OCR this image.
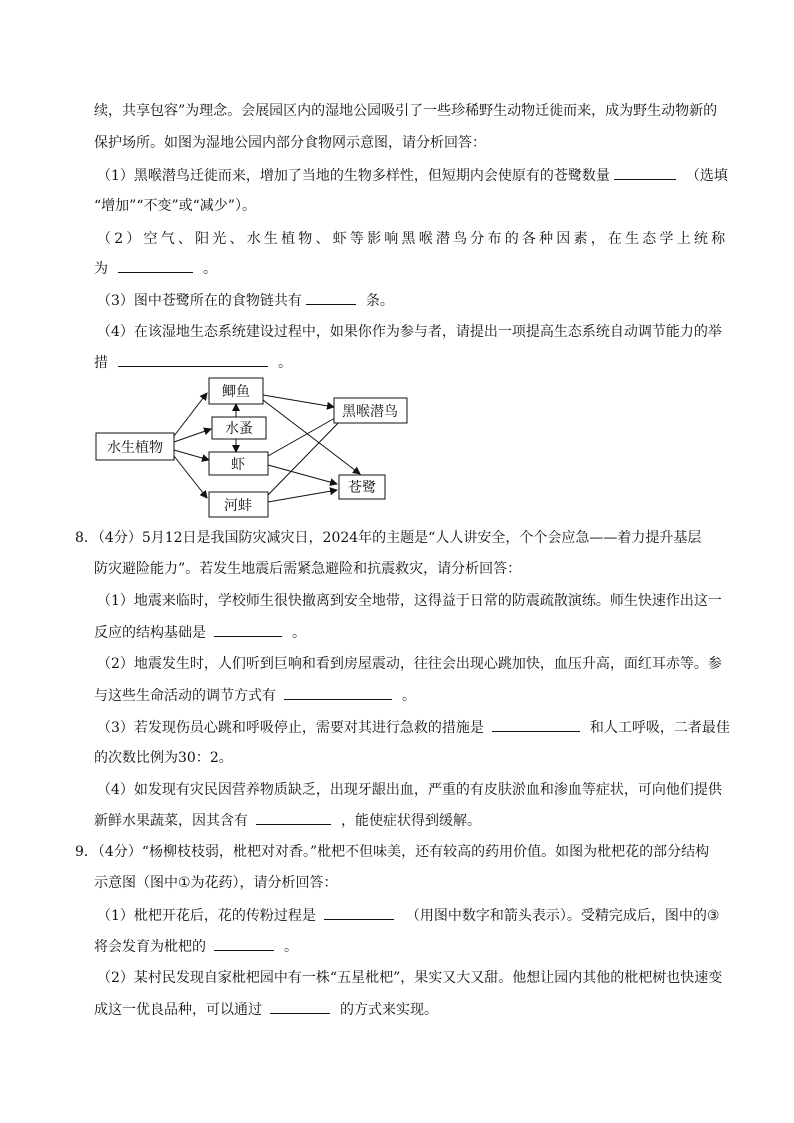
续，共享包容”为理念。会展园区内的湿地公园吸引了一些珍稀野生动物迁徙而来，成为野生动物新的
保护场所。如图为湿地公园内部分食物网示意图，请分析回答：
（1）黑喉潜鸟迁徙而来，增加了当地的生物多样性，但短期内会使原有的苍鹭数量	（选填
“增加”“不变”或“减少”）。
（2）空气、阳光、水生植物、虾等影响黑喉潜鸟分布的各种因素，在生态学上统称
为	。
（3）图中苍鹭所在的食物链共有	条。
（4）在该湿地生态系统建设过程中，如果你作为参与者，请提出一项提高生态系统自动调节能力的举
措	。
水生植物
鲫鱼
水蚤
虾
河蚌
黑喉潜鸟
苍鹭
8．（4分）5月12日是我国防灾减灾日，2024年的主题是“人人讲安全，个个会应急——着力提升基层
防灾避险能力”。若发生地震后需紧急避险和抗震救灾，请分析回答：
（1）地震来临时，学校师生很快撤离到安全地带，这得益于日常的防震疏散演练。师生快速作出这一
反应的结构基础是	。
（2）地震发生时，人们听到巨响和看到房屋震动，往往会出现心跳加快，血压升高，面红耳赤等。参
与这些生命活动的调节方式有	。
（3）若发现伤员心跳和呼吸停止，需要对其进行急救的措施是	和人工呼吸，二者最佳
的次数比例为30：2。
（4）如发现有灾民因营养物质缺乏，出现牙龈出血，严重的有皮肤淤血和渗血等症状，可向他们提供
新鲜水果蔬菜，因其含有	，能使症状得到缓解。
9．（4分）“杨柳枝枝弱，枇杷对对香。”枇杷不但味美，还有较高的药用价值。如图为枇杷花的部分结构
示意图（图中①为花药），请分析回答：
（1）枇杷开花后，花的传粉过程是	（用图中数字和箭头表示）。受精完成后，图中的③
将会发育为枇杷的	。
（2）某村民发现自家枇杷园中有一株“五星枇杷”，果实又大又甜。他想让园内其他的枇杷树也快速变
成这一优良品种，可以通过	的方式来实现。
